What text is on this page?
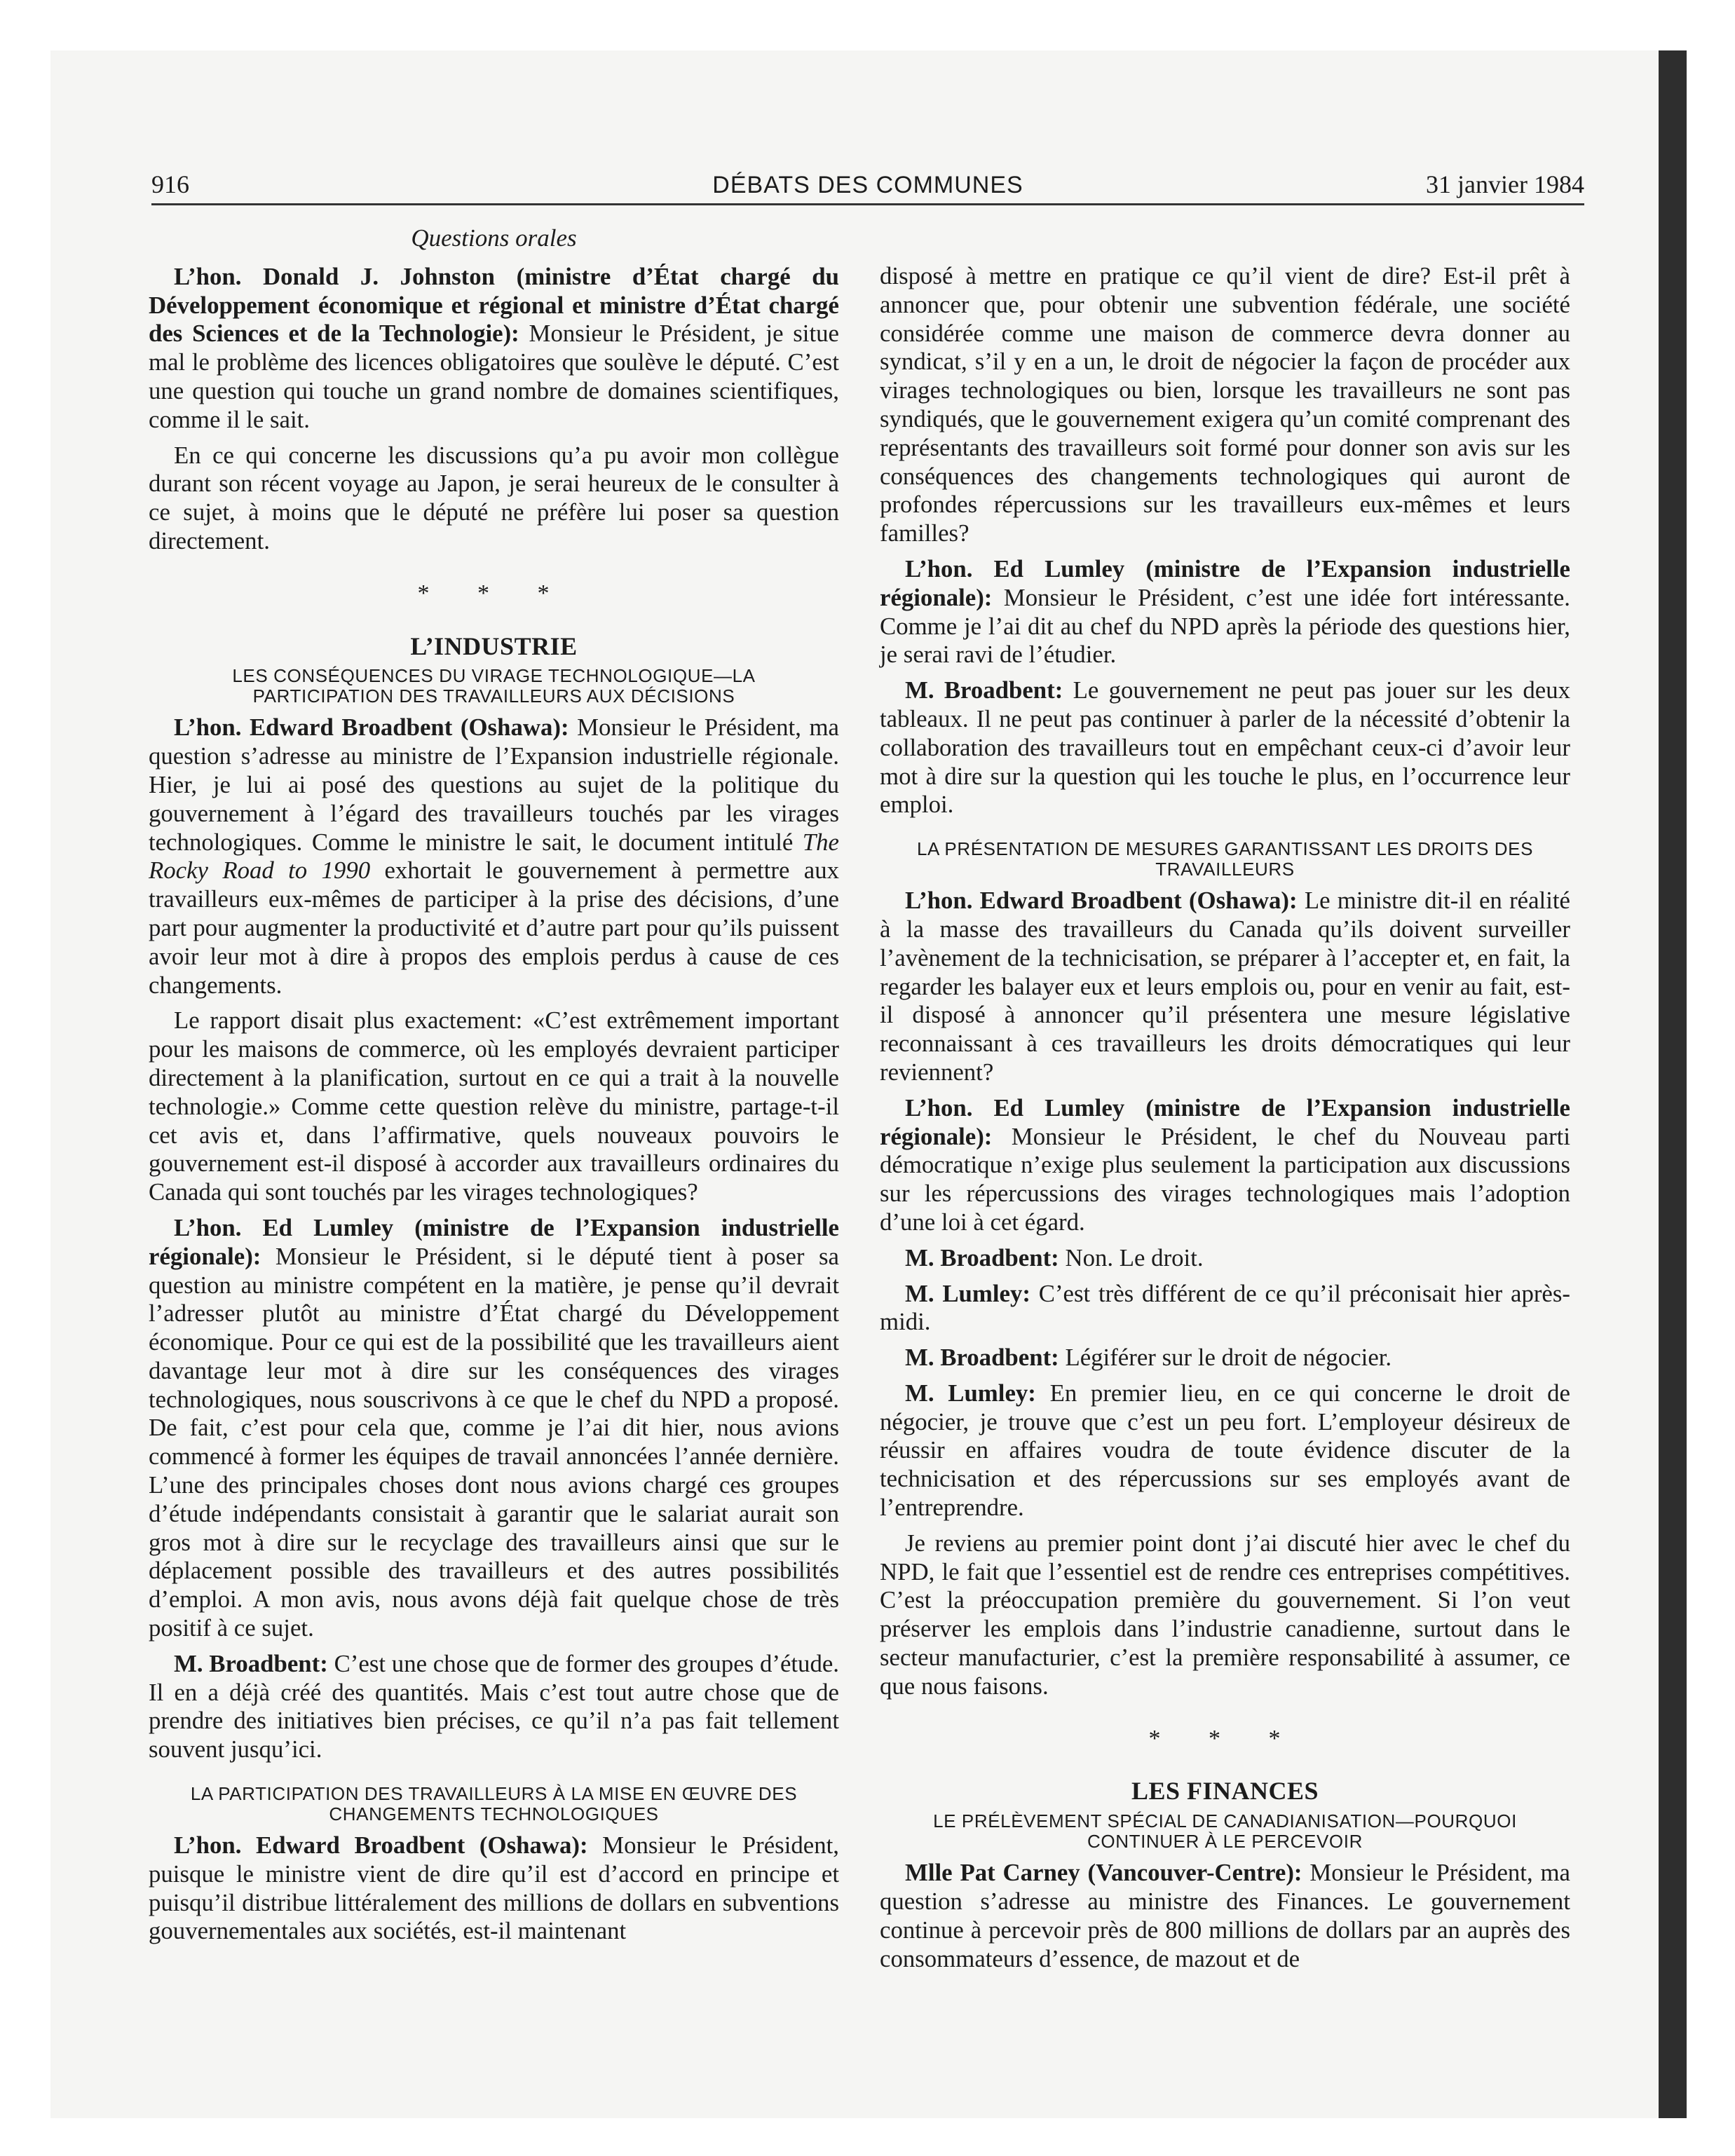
916	DÉBATS DES COMMUNES	31 janvier 1984
Questions orales

L’hon. Donald J. Johnston (ministre d’État chargé du Développement économique et régional et ministre d’État chargé des Sciences et de la Technologie): Monsieur le Président, je situe mal le problème des licences obligatoires que soulève le député. C’est une question qui touche un grand nombre de domaines scientifiques, comme il le sait.

En ce qui concerne les discussions qu’a pu avoir mon collègue durant son récent voyage au Japon, je serai heureux de le consulter à ce sujet, à moins que le député ne préfère lui poser sa question directement.

* * *
L’INDUSTRIE
LES CONSÉQUENCES DU VIRAGE TECHNOLOGIQUE—LA PARTICIPATION DES TRAVAILLEURS AUX DÉCISIONS

L’hon. Edward Broadbent (Oshawa): Monsieur le Président, ma question s’adresse au ministre de l’Expansion industrielle régionale. Hier, je lui ai posé des questions au sujet de la politique du gouvernement à l’égard des travailleurs touchés par les virages technologiques. Comme le ministre le sait, le document intitulé The Rocky Road to 1990 exhortait le gouvernement à permettre aux travailleurs eux-mêmes de participer à la prise des décisions, d’une part pour augmenter la productivité et d’autre part pour qu’ils puissent avoir leur mot à dire à propos des emplois perdus à cause de ces changements.

Le rapport disait plus exactement: «C’est extrêmement important pour les maisons de commerce, où les employés devraient participer directement à la planification, surtout en ce qui a trait à la nouvelle technologie.» Comme cette question relève du ministre, partage-t-il cet avis et, dans l’affirmative, quels nouveaux pouvoirs le gouvernement est-il disposé à accorder aux travailleurs ordinaires du Canada qui sont touchés par les virages technologiques?

L’hon. Ed Lumley (ministre de l’Expansion industrielle régionale): Monsieur le Président, si le député tient à poser sa question au ministre compétent en la matière, je pense qu’il devrait l’adresser plutôt au ministre d’État chargé du Développement économique. Pour ce qui est de la possibilité que les travailleurs aient davantage leur mot à dire sur les conséquences des virages technologiques, nous souscrivons à ce que le chef du NPD a proposé. De fait, c’est pour cela que, comme je l’ai dit hier, nous avions commencé à former les équipes de travail annoncées l’année dernière. L’une des principales choses dont nous avions chargé ces groupes d’étude indépendants consistait à garantir que le salariat aurait son gros mot à dire sur le recyclage des travailleurs ainsi que sur le déplacement possible des travailleurs et des autres possibilités d’emploi. A mon avis, nous avons déjà fait quelque chose de très positif à ce sujet.

M. Broadbent: C’est une chose que de former des groupes d’étude. Il en a déjà créé des quantités. Mais c’est tout autre chose que de prendre des initiatives bien précises, ce qu’il n’a pas fait tellement souvent jusqu’ici.

LA PARTICIPATION DES TRAVAILLEURS À LA MISE EN ŒUVRE DES CHANGEMENTS TECHNOLOGIQUES

L’hon. Edward Broadbent (Oshawa): Monsieur le Président, puisque le ministre vient de dire qu’il est d’accord en principe et puisqu’il distribue littéralement des millions de dollars en subventions gouvernementales aux sociétés, est-il maintenant

disposé à mettre en pratique ce qu’il vient de dire? Est-il prêt à annoncer que, pour obtenir une subvention fédérale, une société considérée comme une maison de commerce devra donner au syndicat, s’il y en a un, le droit de négocier la façon de procéder aux virages technologiques ou bien, lorsque les travailleurs ne sont pas syndiqués, que le gouvernement exigera qu’un comité comprenant des représentants des travailleurs soit formé pour donner son avis sur les conséquences des changements technologiques qui auront de profondes répercussions sur les travailleurs eux-mêmes et leurs familles?

L’hon. Ed Lumley (ministre de l’Expansion industrielle régionale): Monsieur le Président, c’est une idée fort intéressante. Comme je l’ai dit au chef du NPD après la période des questions hier, je serai ravi de l’étudier.

M. Broadbent: Le gouvernement ne peut pas jouer sur les deux tableaux. Il ne peut pas continuer à parler de la nécessité d’obtenir la collaboration des travailleurs tout en empêchant ceux-ci d’avoir leur mot à dire sur la question qui les touche le plus, en l’occurrence leur emploi.

LA PRÉSENTATION DE MESURES GARANTISSANT LES DROITS DES TRAVAILLEURS

L’hon. Edward Broadbent (Oshawa): Le ministre dit-il en réalité à la masse des travailleurs du Canada qu’ils doivent surveiller l’avènement de la technicisation, se préparer à l’accepter et, en fait, la regarder les balayer eux et leurs emplois ou, pour en venir au fait, est-il disposé à annoncer qu’il présentera une mesure législative reconnaissant à ces travailleurs les droits démocratiques qui leur reviennent?

L’hon. Ed Lumley (ministre de l’Expansion industrielle régionale): Monsieur le Président, le chef du Nouveau parti démocratique n’exige plus seulement la participation aux discussions sur les répercussions des virages technologiques mais l’adoption d’une loi à cet égard.

M. Broadbent: Non. Le droit.

M. Lumley: C’est très différent de ce qu’il préconisait hier après-midi.

M. Broadbent: Légiférer sur le droit de négocier.

M. Lumley: En premier lieu, en ce qui concerne le droit de négocier, je trouve que c’est un peu fort. L’employeur désireux de réussir en affaires voudra de toute évidence discuter de la technicisation et des répercussions sur ses employés avant de l’entreprendre.

Je reviens au premier point dont j’ai discuté hier avec le chef du NPD, le fait que l’essentiel est de rendre ces entreprises compétitives. C’est la préoccupation première du gouvernement. Si l’on veut préserver les emplois dans l’industrie canadienne, surtout dans le secteur manufacturier, c’est la première responsabilité à assumer, ce que nous faisons.

* * *
LES FINANCES
LE PRÉLÈVEMENT SPÉCIAL DE CANADIANISATION—POURQUOI CONTINUER À LE PERCEVOIR

Mlle Pat Carney (Vancouver-Centre): Monsieur le Président, ma question s’adresse au ministre des Finances. Le gouvernement continue à percevoir près de 800 millions de dollars par an auprès des consommateurs d’essence, de mazout et de
